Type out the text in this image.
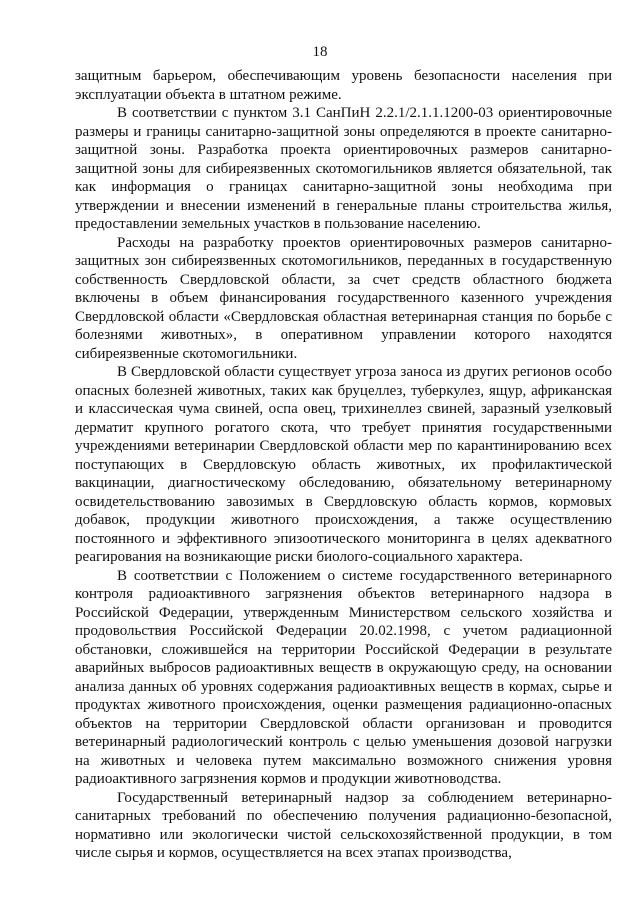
18

защитным барьером, обеспечивающим уровень безопасности населения при эксплуатации объекта в штатном режиме.

В соответствии с пунктом 3.1 СанПиН 2.2.1/2.1.1.1200-03 ориентировочные размеры и границы санитарно-защитной зоны определяются в проекте санитарно-защитной зоны. Разработка проекта ориентировочных размеров санитарно-защитной зоны для сибиреязвенных скотомогильников является обязательной, так как информация о границах санитарно-защитной зоны необходима при утверждении и внесении изменений в генеральные планы строительства жилья, предоставлении земельных участков в пользование населению.

Расходы на разработку проектов ориентировочных размеров санитарно-защитных зон сибиреязвенных скотомогильников, переданных в государственную собственность Свердловской области, за счет средств областного бюджета включены в объем финансирования государственного казенного учреждения Свердловской области «Свердловская областная ветеринарная станция по борьбе с болезнями животных», в оперативном управлении которого находятся сибиреязвенные скотомогильники.

В Свердловской области существует угроза заноса из других регионов особо опасных болезней животных, таких как бруцеллез, туберкулез, ящур, африканская и классическая чума свиней, оспа овец, трихинеллез свиней, заразный узелковый дерматит крупного рогатого скота, что требует принятия государственными учреждениями ветеринарии Свердловской области мер по карантинированию всех поступающих в Свердловскую область животных, их профилактической вакцинации, диагностическому обследованию, обязательному ветеринарному освидетельствованию завозимых в Свердловскую область кормов, кормовых добавок, продукции животного происхождения, а также осуществлению постоянного и эффективного эпизоотического мониторинга в целях адекватного реагирования на возникающие риски биолого-социального характера.

В соответствии с Положением о системе государственного ветеринарного контроля радиоактивного загрязнения объектов ветеринарного надзора в Российской Федерации, утвержденным Министерством сельского хозяйства и продовольствия Российской Федерации 20.02.1998, с учетом радиационной обстановки, сложившейся на территории Российской Федерации в результате аварийных выбросов радиоактивных веществ в окружающую среду, на основании анализа данных об уровнях содержания радиоактивных веществ в кормах, сырье и продуктах животного происхождения, оценки размещения радиационно-опасных объектов на территории Свердловской области организован и проводится ветеринарный радиологический контроль с целью уменьшения дозовой нагрузки на животных и человека путем максимально возможного снижения уровня радиоактивного загрязнения кормов и продукции животноводства.

Государственный ветеринарный надзор за соблюдением ветеринарно-санитарных требований по обеспечению получения радиационно-безопасной, нормативно или экологически чистой сельскохозяйственной продукции, в том числе сырья и кормов, осуществляется на всех этапах производства,
